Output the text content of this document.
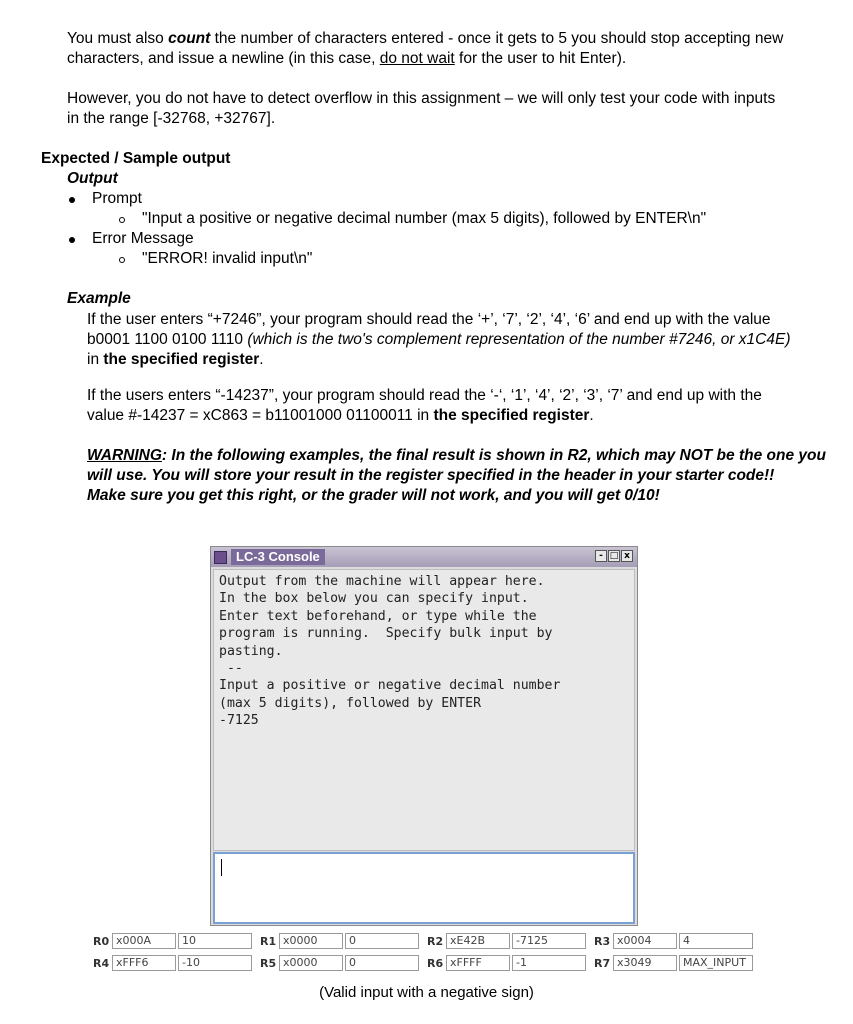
You must also count the number of characters entered - once it gets to 5 you should stop accepting new

characters, and issue a newline (in this case, do not wait for the user to hit Enter).

However, you do not have to detect overflow in this assignment – we will only test your code with inputs

in the range [-32768, +32767].

Expected / Sample output
Output
Prompt
"Input a positive or negative decimal number (max 5 digits), followed by ENTER\n"
Error Message
"ERROR! invalid input\n"
Example

If the user enters “+7246”, your program should read the ‘+’, ‘7’, ‘2’, ‘4’, ‘6’ and end up with the value

b0001 1100 0100 1110 (which is the two's complement representation of the number #7246, or x1C4E)

in the specified register.

If the users enters “-14237”, your program should read the ‘-‘, ‘1’, ‘4’, ‘2’, ‘3’, ‘7’ and end up with the

value #-14237 = xC863 = b11001000 01100011 in the specified register.

WARNING: In the following examples, the final result is shown in R2, which may NOT be the one you

will use. You will store your result in the register specified in the header in your starter code!!

Make sure you get this right, or the grader will not work, and you will get 0/10!

LC-3 Console	- □ x
Output from the machine will appear here.
In the box below you can specify input.
Enter text beforehand, or type while the
program is running.  Specify bulk input by
pasting.
--
Input a positive or negative decimal number
(max 5 digits), followed by ENTER
-7125
R0 x000A	10	R1 x0000	0	R2 xE42B	-7125	R3 x0004	4
R4 xFFF6	-10	R5 x0000	0	R6 xFFFF	-1	R7 x3049	MAX_INPUT
(Valid input with a negative sign)
